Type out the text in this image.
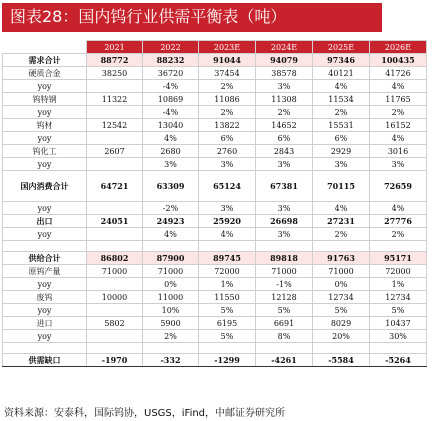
图表28：国内钨行业供需平衡表（吨）
	2021	2022	2023E	2024E	2025E	2026E
需求合计	88772	88232	91044	94079	97346	100435
硬质合金	38250	36720	37454	38578	40121	41726
yoy		-4%	2%	3%	4%	4%
钨特钢	11322	10869	11086	11308	11534	11765
yoy		-4%	2%	2%	2%	2%
钨材	12542	13040	13822	14652	15531	16152
yoy		4%	6%	6%	6%	4%
钨化工	2607	2680	2760	2843	2929	3016
yoy		3%	3%	3%	3%	3%
国内消费合计	64721	63309	65124	67381	70115	72659
yoy		-2%	3%	3%	4%	4%
出口	24051	24923	25920	26698	27231	27776
yoy		4%	4%	3%	2%	2%

供给合计	86802	87900	89745	89818	91763	95171
原钨产量	71000	71000	72000	71000	71000	72000
yoy		0%	1%	-1%	0%	1%
废钨	10000	11000	11550	12128	12734	12734
yoy		10%	5%	5%	5%	5%
进口	5802	5900	6195	6691	8029	10437
yoy		2%	5%	8%	20%	30%

供需缺口	-1970	-332	-1299	-4261	-5584	-5264
资料来源：安泰科，国际钨协，USGS，iFind，中邮证券研究所
